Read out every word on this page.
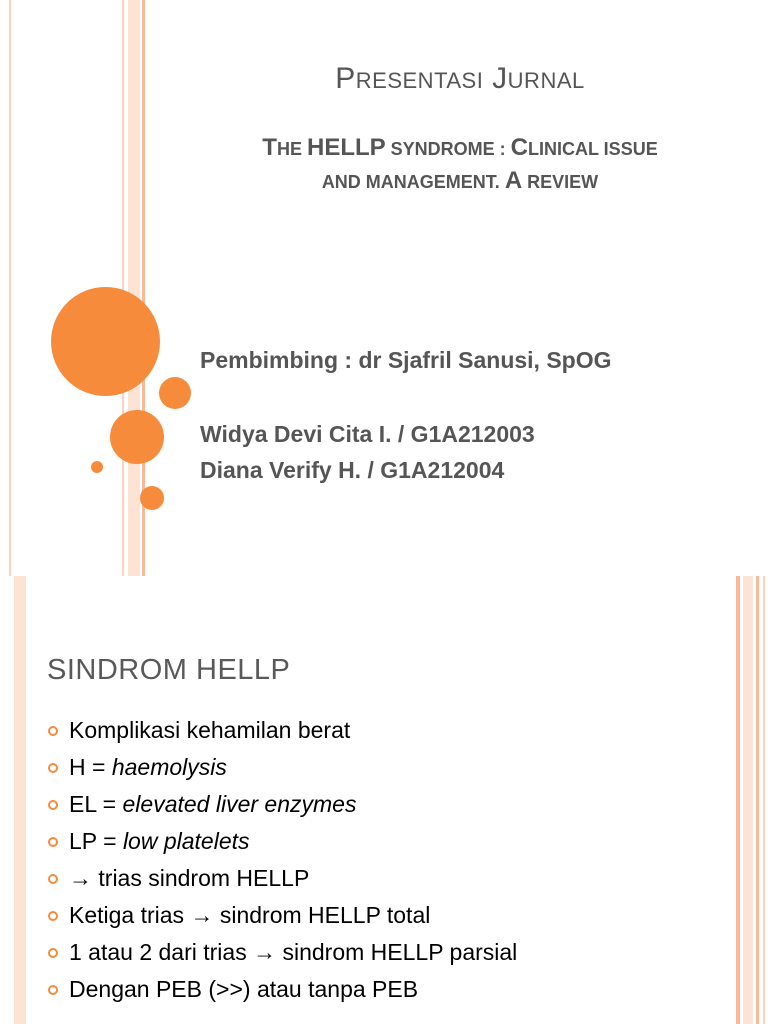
PRESENTASI JURNAL
THE HELLP SYNDROME : CLINICAL ISSUE
AND MANAGEMENT. A REVIEW
Pembimbing : dr Sjafril Sanusi, SpOG
Widya Devi Cita I. / G1A212003
Diana Verify H. / G1A212004
SINDROM HELLP
Komplikasi kehamilan berat
H = haemolysis
EL = elevated liver enzymes
LP = low platelets
→ trias sindrom HELLP
Ketiga trias → sindrom HELLP total
1 atau 2 dari trias → sindrom HELLP parsial
Dengan PEB (>>) atau tanpa PEB
